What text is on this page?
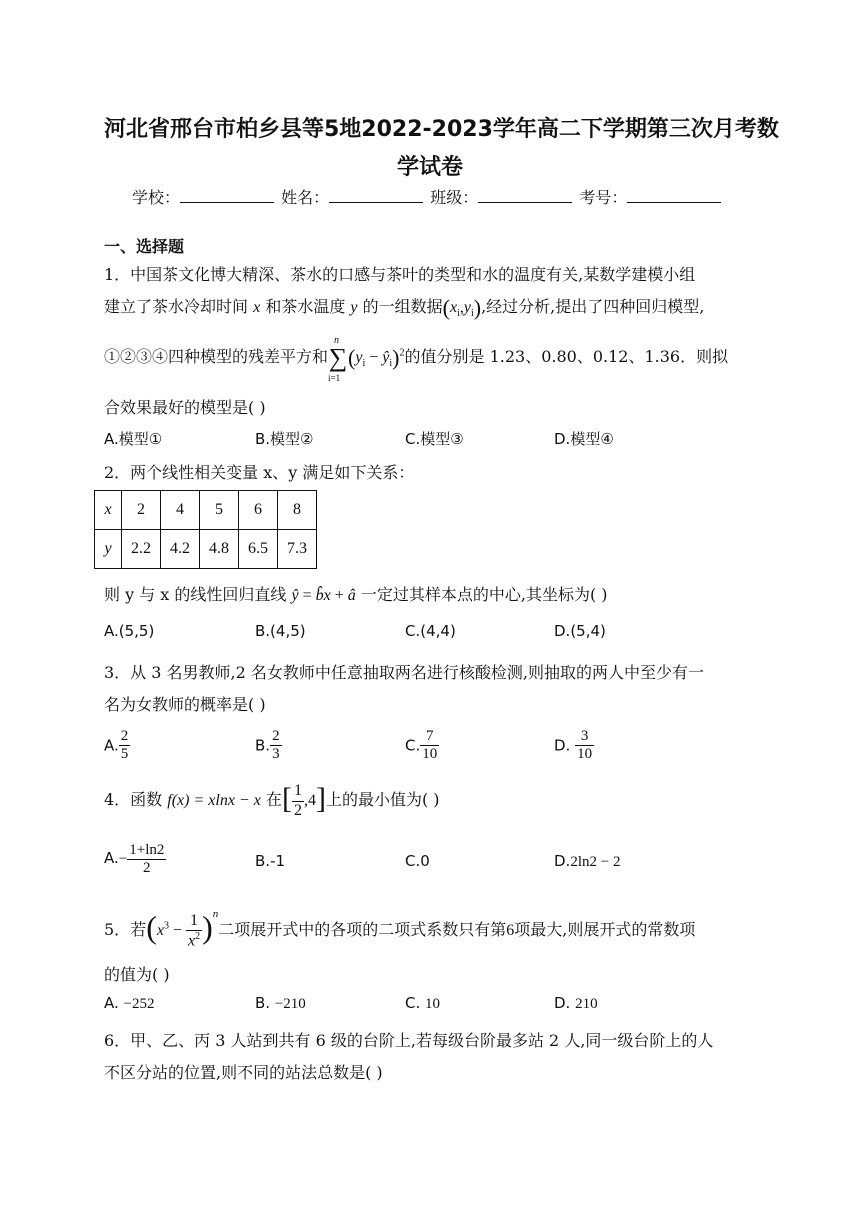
河北省邢台市柏乡县等5地2022-2023学年高二下学期第三次月考数
学试卷
学校：	姓名：	班级：	考号：
一、选择题
1．中国茶文化博大精深、茶水的口感与茶叶的类型和水的温度有关,某数学建模小组
建立了茶水冷却时间 x 和茶水温度 y 的一组数据$(x_i,y_i)$,经过分析,提出了四种回归模型,
①②③④四种模型的残差平方和
n
∑
i=1
($y_i$ − $ŷ_i)^2$的值分别是 1.23、0.80、0.12、1.36．则拟
合效果最好的模型是( )
A.模型①	B.模型②	C.模型③	D.模型④
2．两个线性相关变量 x、y 满足如下关系：
x	2	4	5	6	8
y	2.2	4.2	4.8	6.5	7.3
则 y 与 x 的线性回归直线 ŷ = b̂x + â 一定过其样本点的中心,其坐标为( )
A.(5,5)	B.(4,5)	C.(4,4)	D.(5,4)
3．从 3 名男教师,2 名女教师中任意抽取两名进行核酸检测,则抽取的两人中至少有一
名为女教师的概率是( )
A. $\frac{2}{5}$	B. $\frac{2}{3}$	C. $\frac{7}{10}$	D. $\frac{3}{10}$
4．函数 f(x) = xlnx − x 在[ $\frac{1}{2} ,4$]上的最小值为( )
$A.- \frac{1+\ln 2}{2}$	B.-1	C.0	D.2ln2 − 2
5．若$(x^3 - \frac{1}{x^2} )^n$二项展开式中的各项的二项式系数只有第6项最大,则展开式的常数项
的值为( )
A. −252	B. −210	C. 10	D. 210
6．甲、乙、丙 3 人站到共有 6 级的台阶上,若每级台阶最多站 2 人,同一级台阶上的人
不区分站的位置,则不同的站法总数是( )
